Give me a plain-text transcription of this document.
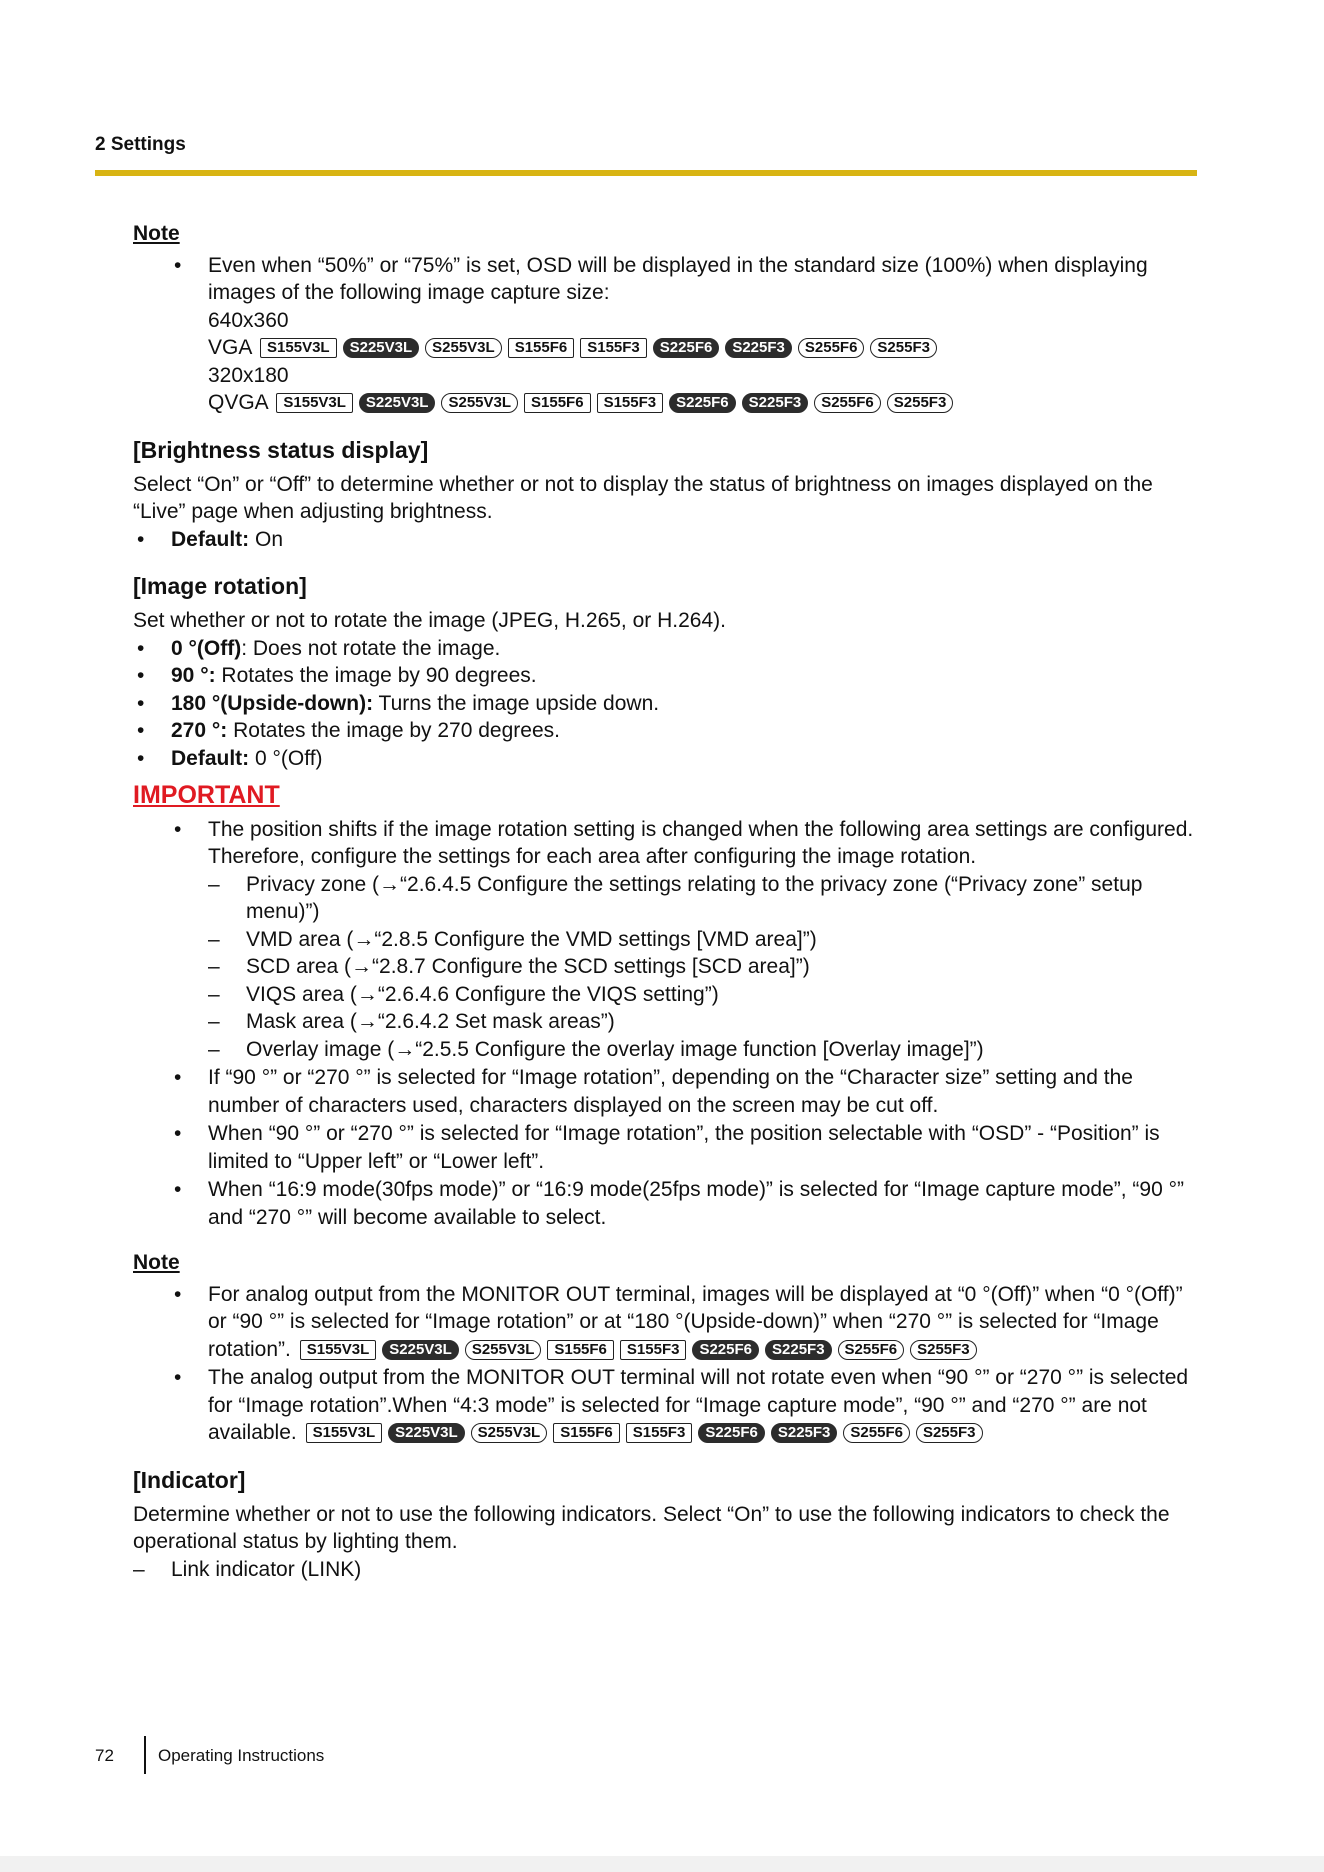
2 Settings

Note

• Even when “50%” or “75%” is set, OSD will be displayed in the standard size (100%) when displaying images of the following image capture size:
640x360
VGA S155V3L S225V3L S255V3L S155F6 S155F3 S225F6 S225F3 S255F6 S255F3
320x180
QVGA S155V3L S225V3L S255V3L S155F6 S155F3 S225F6 S225F3 S255F6 S255F3
[Brightness status display]

Select “On” or “Off” to determine whether or not to display the status of brightness on images displayed on the “Live” page when adjusting brightness.

• Default: On
[Image rotation]

Set whether or not to rotate the image (JPEG, H.265, or H.264).

• 0 °(Off): Does not rotate the image.
• 90 °: Rotates the image by 90 degrees.
• 180 °(Upside-down): Turns the image upside down.
• 270 °: Rotates the image by 270 degrees.
• Default: 0 °(Off)

IMPORTANT

• The position shifts if the image rotation setting is changed when the following area settings are configured. Therefore, configure the settings for each area after configuring the image rotation.
– Privacy zone (→“2.6.4.5 Configure the settings relating to the privacy zone (“Privacy zone” setup menu)”)
– VMD area (→“2.8.5 Configure the VMD settings [VMD area]”)
– SCD area (→“2.8.7 Configure the SCD settings [SCD area]”)
– VIQS area (→“2.6.4.6 Configure the VIQS setting”)
– Mask area (→“2.6.4.2 Set mask areas”)
– Overlay image (→“2.5.5 Configure the overlay image function [Overlay image]”)
• If “90 °” or “270 °” is selected for “Image rotation”, depending on the “Character size” setting and the number of characters used, characters displayed on the screen may be cut off.
• When “90 °” or “270 °” is selected for “Image rotation”, the position selectable with “OSD” - “Position” is limited to “Upper left” or “Lower left”.
• When “16:9 mode(30fps mode)” or “16:9 mode(25fps mode)” is selected for “Image capture mode”, “90 °” and “270 °” will become available to select.

Note

• For analog output from the MONITOR OUT terminal, images will be displayed at “0 °(Off)” when “0 °(Off)” or “90 °” is selected for “Image rotation” or at “180 °(Upside-down)” when “270 °” is selected for “Image rotation”. S155V3L S225V3L S255V3L S155F6 S155F3 S225F6 S225F3 S255F6 S255F3
• The analog output from the MONITOR OUT terminal will not rotate even when “90 °” or “270 °” is selected for “Image rotation”.When “4:3 mode” is selected for “Image capture mode”, “90 °” and “270 °” are not available. S155V3L S225V3L S255V3L S155F6 S155F3 S225F6 S225F3 S255F6 S255F3
[Indicator]

Determine whether or not to use the following indicators. Select “On” to use the following indicators to check the operational status by lighting them.

– Link indicator (LINK)
72	Operating Instructions
